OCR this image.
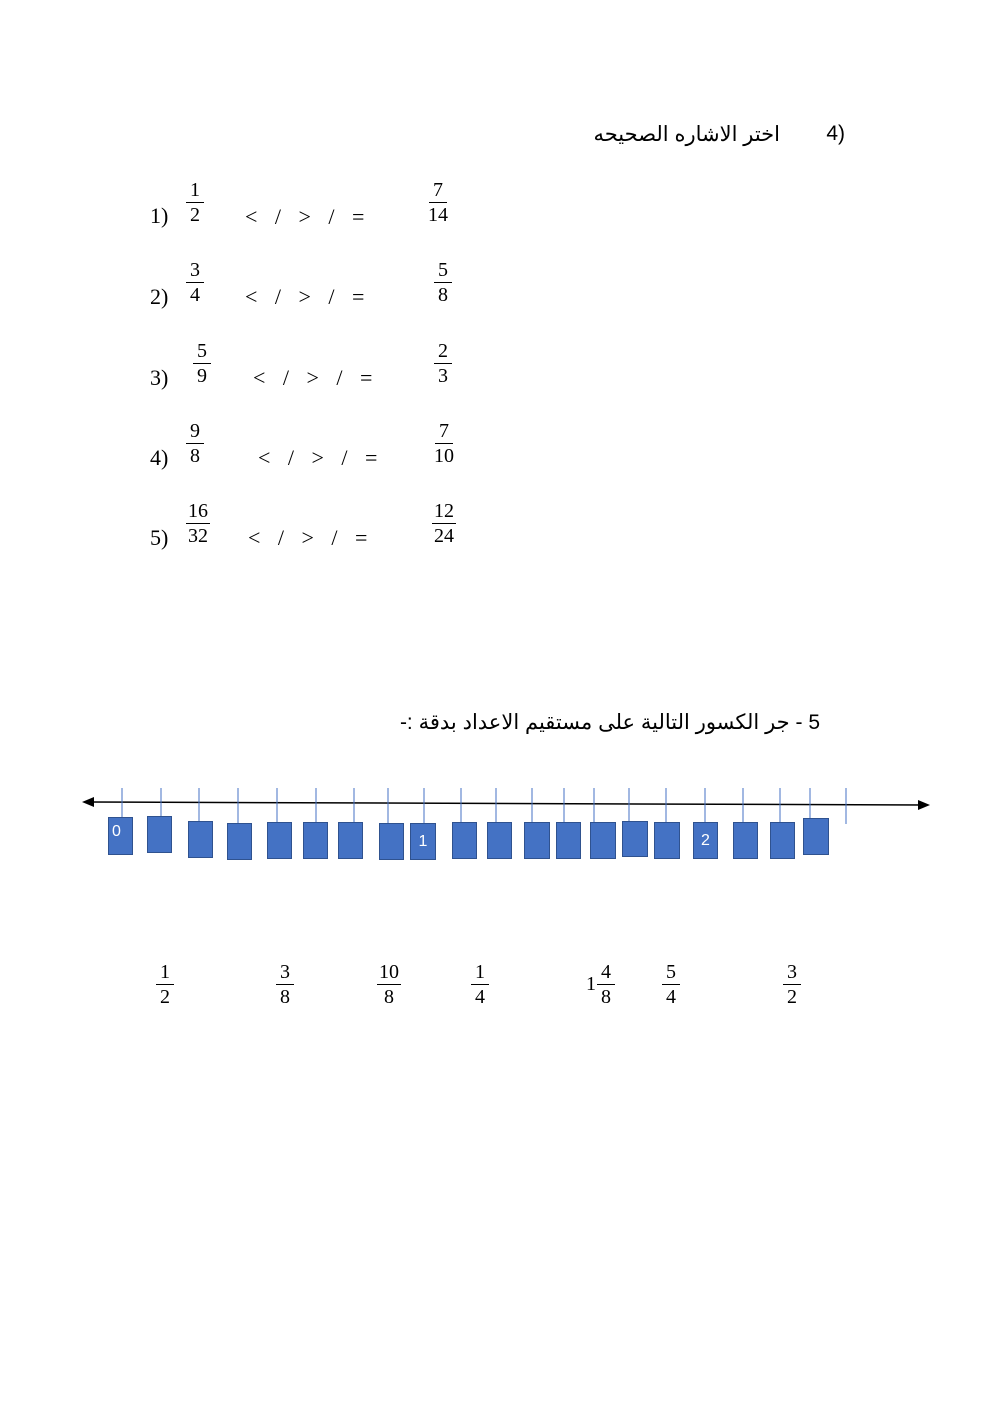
4)
اختر الاشاره الصحيحه
$1) \frac{1}{2}$ < / > / =	$\frac{7}{14}$
$2) \frac{3}{4}$ < / > / =	$\frac{5}{8}$
$3) \frac{5}{9}$ < / > / =	$\frac{2}{3}$
$4) \frac{9}{8}$ < / > / =	$\frac{7}{10}$
$5) \frac{16}{32}$ < / > / =	$\frac{12}{24}$
5 - جر الكسور التالية على مستقيم الاعداد بدقة :-
0
1	2
$\frac{1}{2}$	$\frac{3}{8}$	$\frac{10}{8}$	$\frac{1}{4}$	$1 \frac{4}{8} \frac{5}{4}$	$\frac{3}{2}$
